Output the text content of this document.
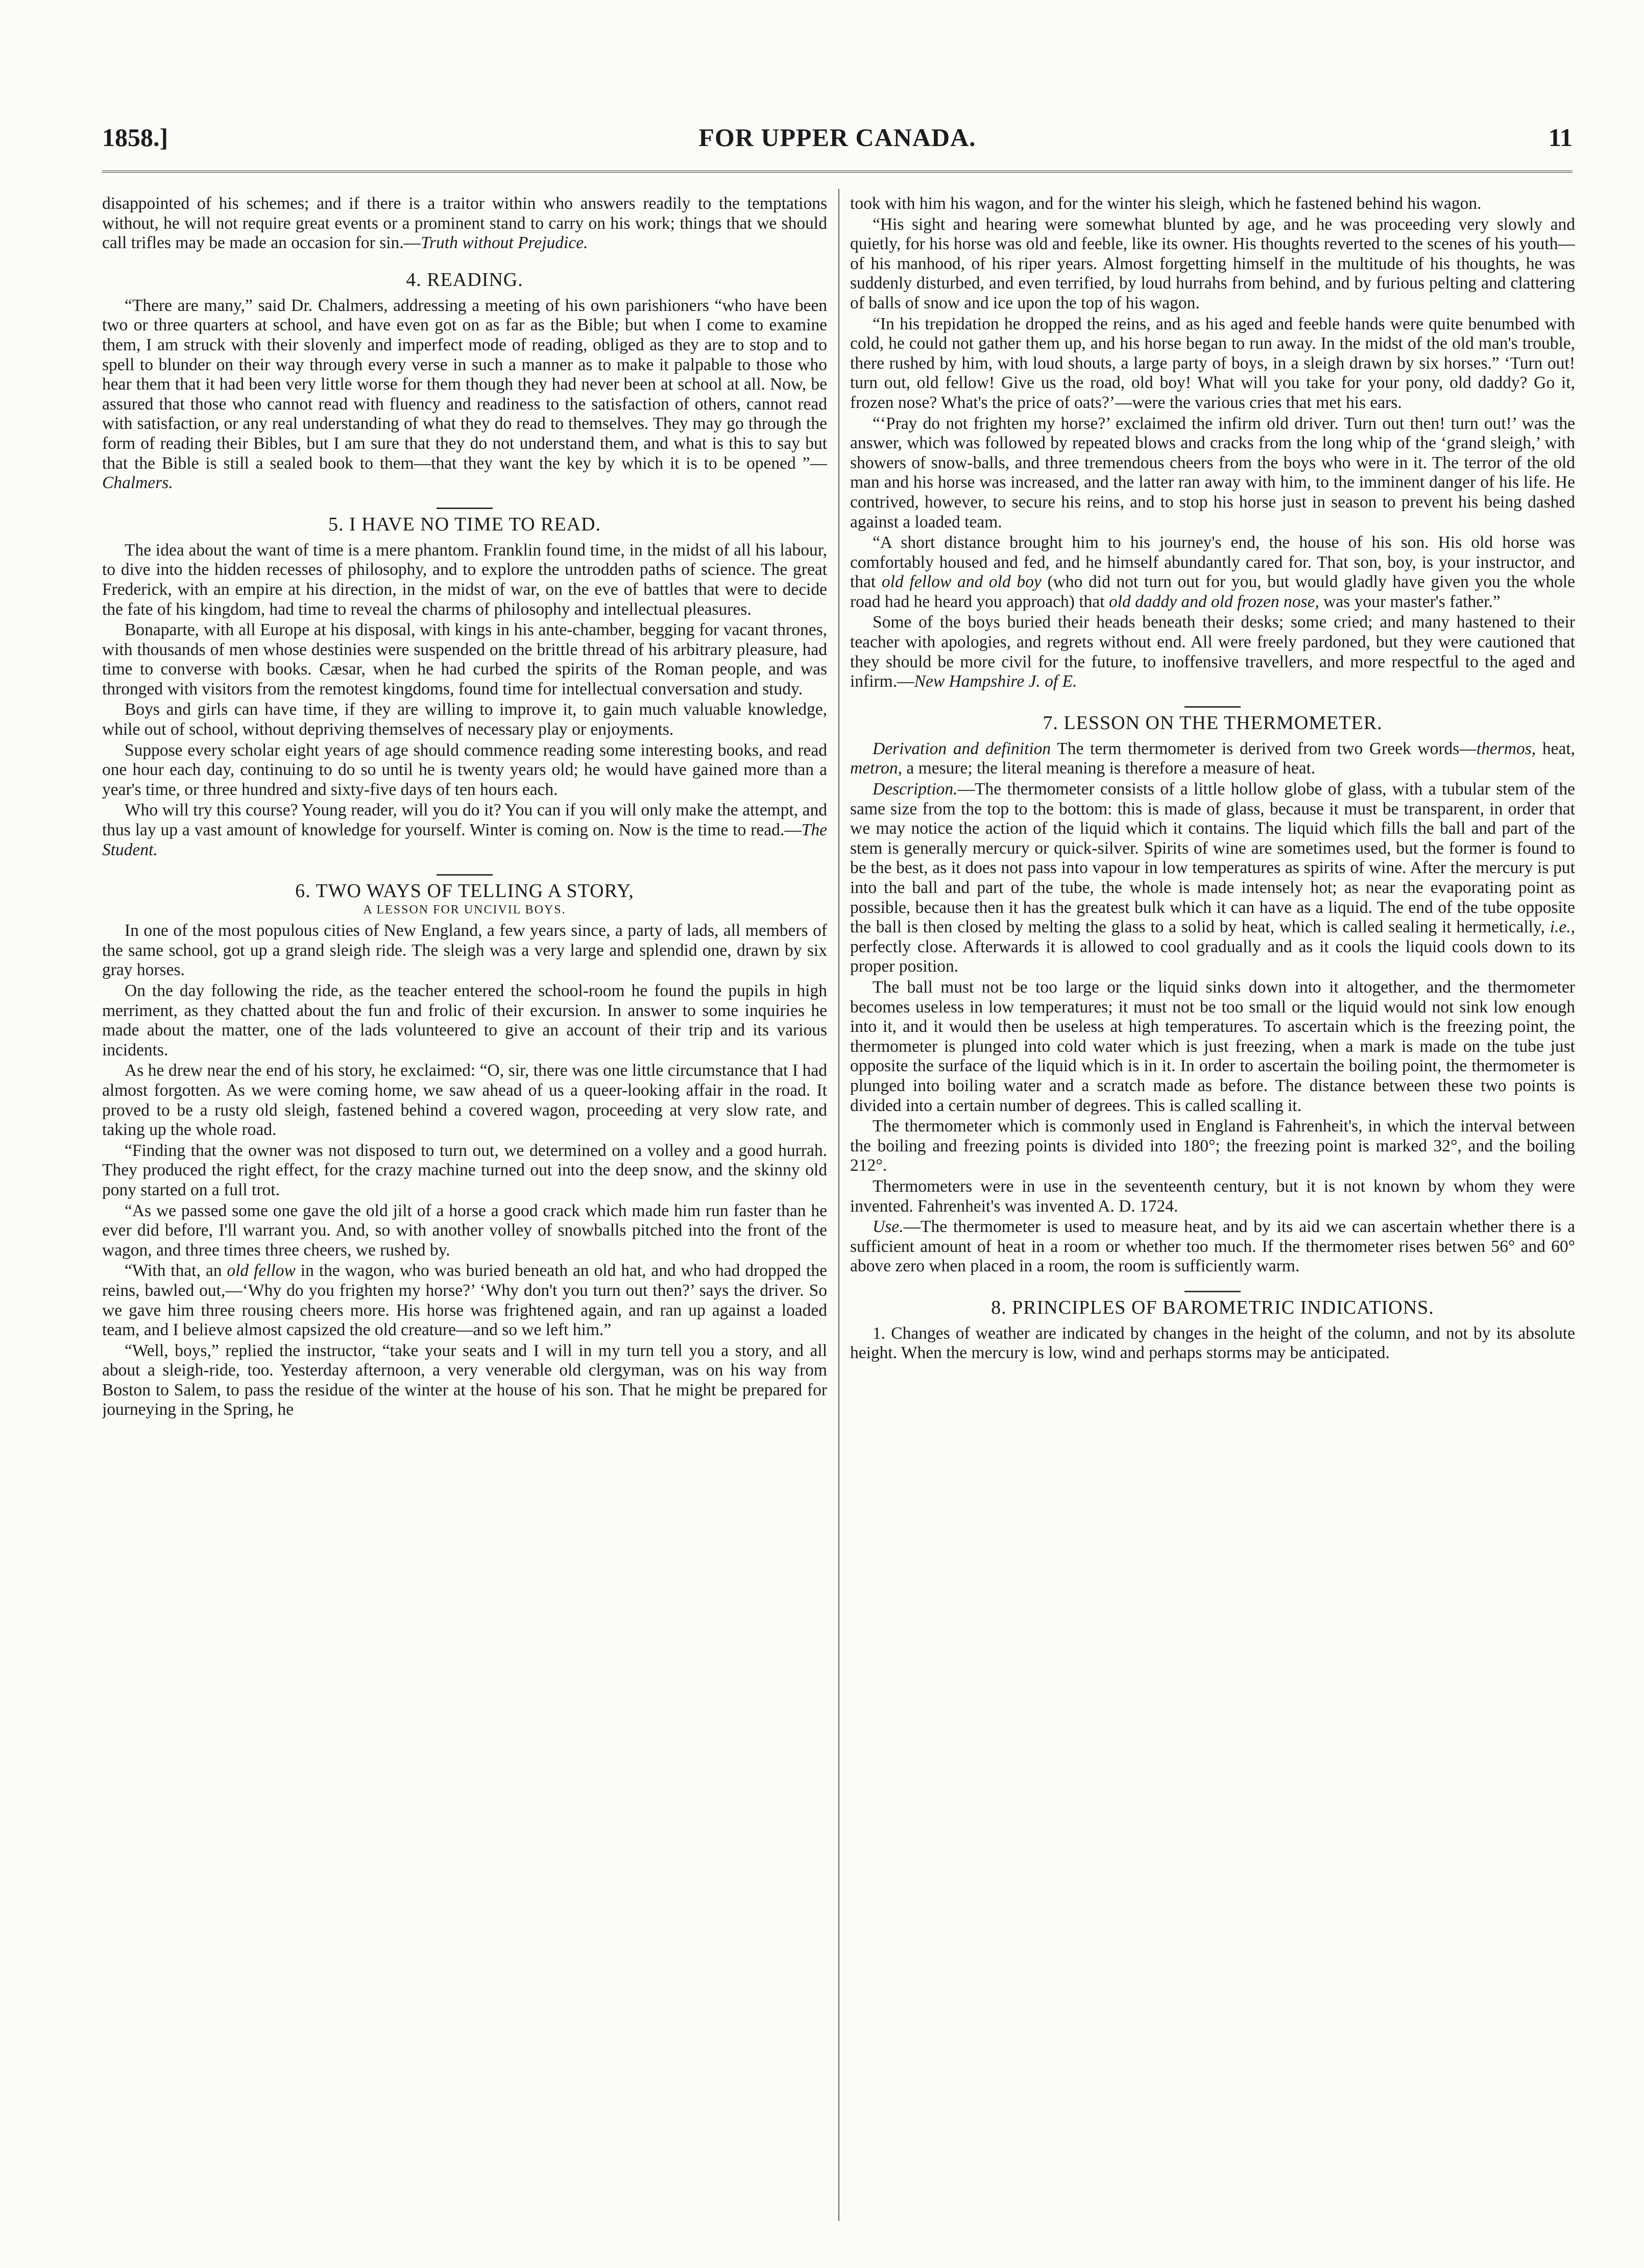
1858.]	FOR UPPER CANADA.	11

disappointed of his schemes; and if there is a traitor within who answers readily to the temptations without, he will not require great events or a prominent stand to carry on his work; things that we should call trifles may be made an occasion for sin.—Truth without Prejudice.

4. READING.

“There are many,” said Dr. Chalmers, addressing a meeting of his own parishioners “who have been two or three quarters at school, and have even got on as far as the Bible; but when I come to examine them, I am struck with their slovenly and imperfect mode of reading, obliged as they are to stop and to spell to blunder on their way through every verse in such a manner as to make it palpable to those who hear them that it had been very little worse for them though they had never been at school at all. Now, be assured that those who cannot read with fluency and readiness to the satisfaction of others, cannot read with satisfaction, or any real understanding of what they do read to themselves. They may go through the form of reading their Bibles, but I am sure that they do not understand them, and what is this to say but that the Bible is still a sealed book to them—that they want the key by which it is to be opened ”—Chalmers.

5. I HAVE NO TIME TO READ.

The idea about the want of time is a mere phantom. Franklin found time, in the midst of all his labour, to dive into the hidden recesses of philosophy, and to explore the untrodden paths of science. The great Frederick, with an empire at his direction, in the midst of war, on the eve of battles that were to decide the fate of his kingdom, had time to reveal the charms of philosophy and intellectual pleasures.

Bonaparte, with all Europe at his disposal, with kings in his ante-chamber, begging for vacant thrones, with thousands of men whose destinies were suspended on the brittle thread of his arbitrary pleasure, had time to converse with books. Cæsar, when he had curbed the spirits of the Roman people, and was thronged with visitors from the remotest kingdoms, found time for intellectual conversation and study.

Boys and girls can have time, if they are willing to improve it, to gain much valuable knowledge, while out of school, without depriving themselves of necessary play or enjoyments.

Suppose every scholar eight years of age should commence reading some interesting books, and read one hour each day, continuing to do so until he is twenty years old; he would have gained more than a year's time, or three hundred and sixty-five days of ten hours each.

Who will try this course? Young reader, will you do it? You can if you will only make the attempt, and thus lay up a vast amount of knowledge for yourself. Winter is coming on. Now is the time to read.—The Student.

6. TWO WAYS OF TELLING A STORY,
A LESSON FOR UNCIVIL BOYS.

In one of the most populous cities of New England, a few years since, a party of lads, all members of the same school, got up a grand sleigh ride. The sleigh was a very large and splendid one, drawn by six gray horses.

On the day following the ride, as the teacher entered the school-room he found the pupils in high merriment, as they chatted about the fun and frolic of their excursion. In answer to some inquiries he made about the matter, one of the lads volunteered to give an account of their trip and its various incidents.

As he drew near the end of his story, he exclaimed: “O, sir, there was one little circumstance that I had almost forgotten. As we were coming home, we saw ahead of us a queer-looking affair in the road. It proved to be a rusty old sleigh, fastened behind a covered wagon, proceeding at very slow rate, and taking up the whole road.

“Finding that the owner was not disposed to turn out, we determined on a volley and a good hurrah. They produced the right effect, for the crazy machine turned out into the deep snow, and the skinny old pony started on a full trot.

“As we passed some one gave the old jilt of a horse a good crack which made him run faster than he ever did before, I'll warrant you. And, so with another volley of snowballs pitched into the front of the wagon, and three times three cheers, we rushed by.

“With that, an old fellow in the wagon, who was buried beneath an old hat, and who had dropped the reins, bawled out,—‘Why do you frighten my horse?’ ‘Why don't you turn out then?’ says the driver. So we gave him three rousing cheers more. His horse was frightened again, and ran up against a loaded team, and I believe almost capsized the old creature—and so we left him.”

“Well, boys,” replied the instructor, “take your seats and I will in my turn tell you a story, and all about a sleigh-ride, too. Yesterday afternoon, a very venerable old clergyman, was on his way from Boston to Salem, to pass the residue of the winter at the house of his son. That he might be prepared for journeying in the Spring, he

took with him his wagon, and for the winter his sleigh, which he fastened behind his wagon.

“His sight and hearing were somewhat blunted by age, and he was proceeding very slowly and quietly, for his horse was old and feeble, like its owner. His thoughts reverted to the scenes of his youth—of his manhood, of his riper years. Almost forgetting himself in the multitude of his thoughts, he was suddenly disturbed, and even terrified, by loud hurrahs from behind, and by furious pelting and clattering of balls of snow and ice upon the top of his wagon.

“In his trepidation he dropped the reins, and as his aged and feeble hands were quite benumbed with cold, he could not gather them up, and his horse began to run away. In the midst of the old man's trouble, there rushed by him, with loud shouts, a large party of boys, in a sleigh drawn by six horses.” ‘Turn out! turn out, old fellow! Give us the road, old boy! What will you take for your pony, old daddy? Go it, frozen nose? What's the price of oats?’—were the various cries that met his ears.

“‘Pray do not frighten my horse?’ exclaimed the infirm old driver. Turn out then! turn out!’ was the answer, which was followed by repeated blows and cracks from the long whip of the ‘grand sleigh,’ with showers of snow-balls, and three tremendous cheers from the boys who were in it. The terror of the old man and his horse was increased, and the latter ran away with him, to the imminent danger of his life. He contrived, however, to secure his reins, and to stop his horse just in season to prevent his being dashed against a loaded team.

“A short distance brought him to his journey's end, the house of his son. His old horse was comfortably housed and fed, and he himself abundantly cared for. That son, boy, is your instructor, and that old fellow and old boy (who did not turn out for you, but would gladly have given you the whole road had he heard you approach) that old daddy and old frozen nose, was your master's father.”

Some of the boys buried their heads beneath their desks; some cried; and many hastened to their teacher with apologies, and regrets without end. All were freely pardoned, but they were cautioned that they should be more civil for the future, to inoffensive travellers, and more respectful to the aged and infirm.—New Hampshire J. of E.

7. LESSON ON THE THERMOMETER.

Derivation and definition The term thermometer is derived from two Greek words—thermos, heat, metron, a mesure; the literal meaning is therefore a measure of heat.

Description.—The thermometer consists of a little hollow globe of glass, with a tubular stem of the same size from the top to the bottom: this is made of glass, because it must be transparent, in order that we may notice the action of the liquid which it contains. The liquid which fills the ball and part of the stem is generally mercury or quick-silver. Spirits of wine are sometimes used, but the former is found to be the best, as it does not pass into vapour in low temperatures as spirits of wine. After the mercury is put into the ball and part of the tube, the whole is made intensely hot; as near the evaporating point as possible, because then it has the greatest bulk which it can have as a liquid. The end of the tube opposite the ball is then closed by melting the glass to a solid by heat, which is called sealing it hermetically, i.e., perfectly close. Afterwards it is allowed to cool gradually and as it cools the liquid cools down to its proper position.

The ball must not be too large or the liquid sinks down into it altogether, and the thermometer becomes useless in low temperatures; it must not be too small or the liquid would not sink low enough into it, and it would then be useless at high temperatures. To ascertain which is the freezing point, the thermometer is plunged into cold water which is just freezing, when a mark is made on the tube just opposite the surface of the liquid which is in it. In order to ascertain the boiling point, the thermometer is plunged into boiling water and a scratch made as before. The distance between these two points is divided into a certain number of degrees. This is called scalling it.

The thermometer which is commonly used in England is Fahrenheit's, in which the interval between the boiling and freezing points is divided into 180°; the freezing point is marked 32°, and the boiling 212°.

Thermometers were in use in the seventeenth century, but it is not known by whom they were invented. Fahrenheit's was invented A. D. 1724.

Use.—The thermometer is used to measure heat, and by its aid we can ascertain whether there is a sufficient amount of heat in a room or whether too much. If the thermometer rises betwen 56° and 60° above zero when placed in a room, the room is sufficiently warm.

8. PRINCIPLES OF BAROMETRIC INDICATIONS.

1. Changes of weather are indicated by changes in the height of the column, and not by its absolute height. When the mercury is low, wind and perhaps storms may be anticipated.
